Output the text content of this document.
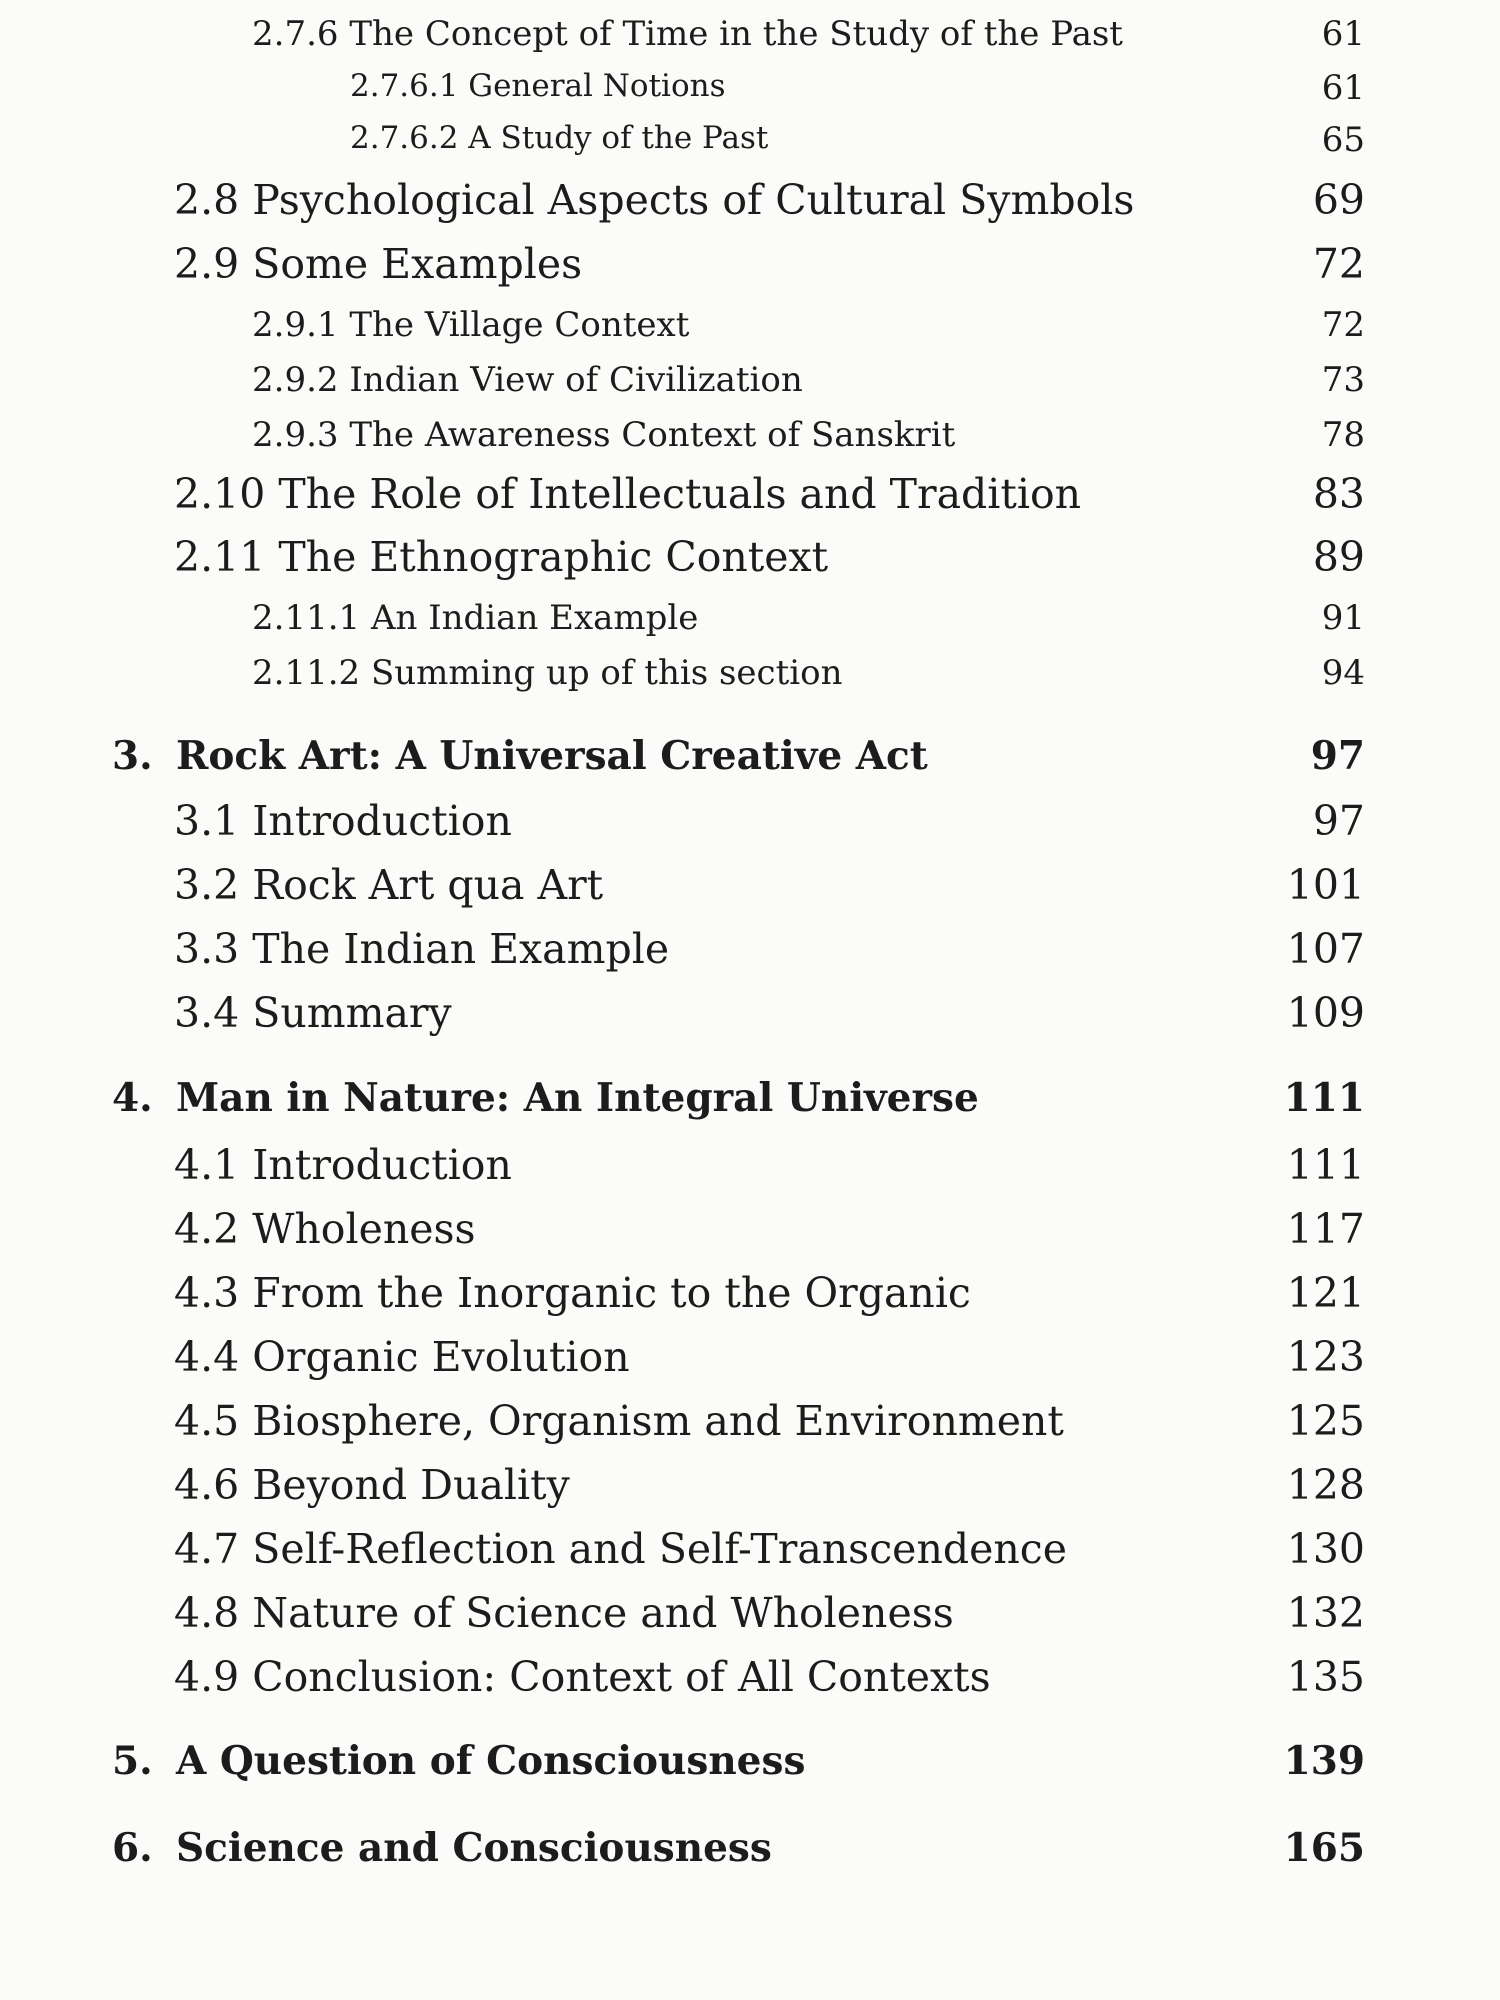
2.7.6 The Concept of Time in the Study of the Past	61
2.7.6.1 General Notions	61
2.7.6.2 A Study of the Past	65
2.8 Psychological Aspects of Cultural Symbols	69
2.9 Some Examples	72
2.9.1 The Village Context	72
2.9.2 Indian View of Civilization	73
2.9.3 The Awareness Context of Sanskrit	78
2.10 The Role of Intellectuals and Tradition	83
2.11 The Ethnographic Context	89
2.11.1 An Indian Example	91
2.11.2 Summing up of this section	94
3. Rock Art: A Universal Creative Act	97
3.1 Introduction	97
3.2 Rock Art qua Art	101
3.3 The Indian Example	107
3.4 Summary	109
4. Man in Nature: An Integral Universe	111
4.1 Introduction	111
4.2 Wholeness	117
4.3 From the Inorganic to the Organic	121
4.4 Organic Evolution	123
4.5 Biosphere, Organism and Environment	125
4.6 Beyond Duality	128
4.7 Self-Reflection and Self-Transcendence	130
4.8 Nature of Science and Wholeness	132
4.9 Conclusion: Context of All Contexts	135
5. A Question of Consciousness	139
6. Science and Consciousness	165
